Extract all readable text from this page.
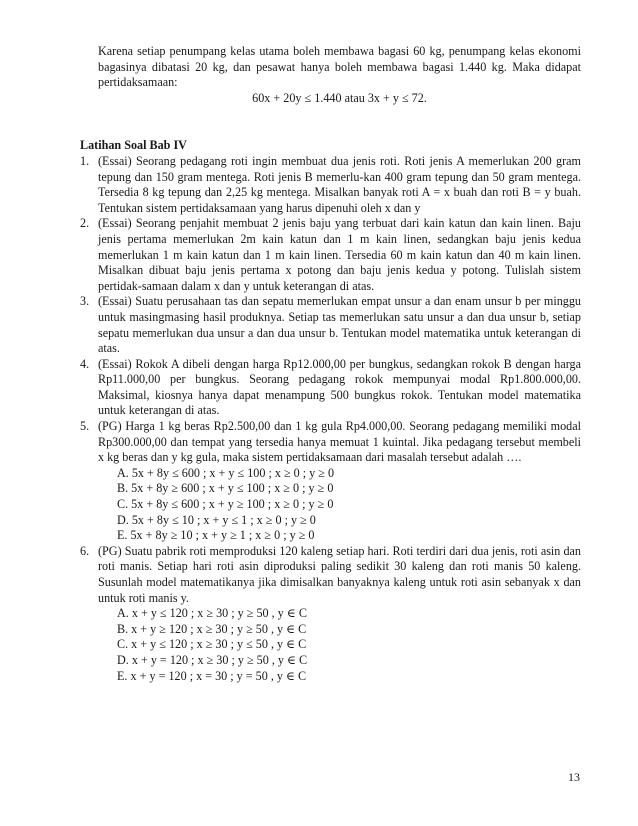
Karena setiap penumpang kelas utama boleh membawa bagasi 60 kg, penumpang kelas ekonomi bagasinya dibatasi 20 kg, dan pesawat hanya boleh membawa bagasi 1.440 kg. Maka didapat pertidaksamaan:
60x + 20y ≤ 1.440 atau 3x + y ≤ 72.
Latihan Soal Bab IV
1. (Essai) Seorang pedagang roti ingin membuat dua jenis roti. Roti jenis A memerlukan 200 gram tepung dan 150 gram mentega. Roti jenis B memerlu-kan 400 gram tepung dan 50 gram mentega. Tersedia 8 kg tepung dan 2,25 kg mentega. Misalkan banyak roti A = x buah dan roti B = y buah. Tentukan sistem pertidaksamaan yang harus dipenuhi oleh x dan y
2. (Essai) Seorang penjahit membuat 2 jenis baju yang terbuat dari kain katun dan kain linen. Baju jenis pertama memerlukan 2m kain katun dan 1 m kain linen, sedangkan baju jenis kedua memerlukan 1 m kain katun dan 1 m kain linen. Tersedia 60 m kain katun dan 40 m kain linen. Misalkan dibuat baju jenis pertama x potong dan baju jenis kedua y potong. Tulislah sistem pertidak-samaan dalam x dan y untuk keterangan di atas.
3. (Essai) Suatu perusahaan tas dan sepatu memerlukan empat unsur a dan enam unsur b per minggu untuk masingmasing hasil produknya. Setiap tas memerlukan satu unsur a dan dua unsur b, setiap sepatu memerlukan dua unsur a dan dua unsur b. Tentukan model matematika untuk keterangan di atas.
4. (Essai) Rokok A dibeli dengan harga Rp12.000,00 per bungkus, sedangkan rokok B dengan harga Rp11.000,00 per bungkus. Seorang pedagang rokok mempunyai modal Rp1.800.000,00. Maksimal, kiosnya hanya dapat menampung 500 bungkus rokok. Tentukan model matematika untuk keterangan di atas.
5. (PG) Harga 1 kg beras Rp2.500,00 dan 1 kg gula Rp4.000,00. Seorang pedagang memiliki modal Rp300.000,00 dan tempat yang tersedia hanya memuat 1 kuintal. Jika pedagang tersebut membeli x kg beras dan y kg gula, maka sistem pertidaksamaan dari masalah tersebut adalah ….
A. 5x + 8y ≤ 600 ; x + y ≤ 100 ; x ≥ 0 ; y ≥ 0
B. 5x + 8y ≥ 600 ; x + y ≤ 100 ; x ≥ 0 ; y ≥ 0
C. 5x + 8y ≤ 600 ; x + y ≥ 100 ; x ≥ 0 ; y ≥ 0
D. 5x + 8y ≤ 10 ; x + y ≤ 1 ; x ≥ 0 ; y ≥ 0
E. 5x + 8y ≥ 10 ; x + y ≥ 1 ; x ≥ 0 ; y ≥ 0
6. (PG) Suatu pabrik roti memproduksi 120 kaleng setiap hari. Roti terdiri dari dua jenis, roti asin dan roti manis. Setiap hari roti asin diproduksi paling sedikit 30 kaleng dan roti manis 50 kaleng. Susunlah model matematikanya jika dimisalkan banyaknya kaleng untuk roti asin sebanyak x dan untuk roti manis y.
A. x + y ≤ 120 ; x ≥ 30 ; y ≥ 50 , y ∈ C
B. x + y ≥ 120 ; x ≥ 30 ; y ≥ 50 , y ∈ C
C. x + y ≤ 120 ; x ≥ 30 ; y ≤ 50 , y ∈ C
D. x + y = 120 ; x ≥ 30 ; y ≥ 50 , y ∈ C
E. x + y = 120 ; x = 30 ; y = 50 , y ∈ C
13
